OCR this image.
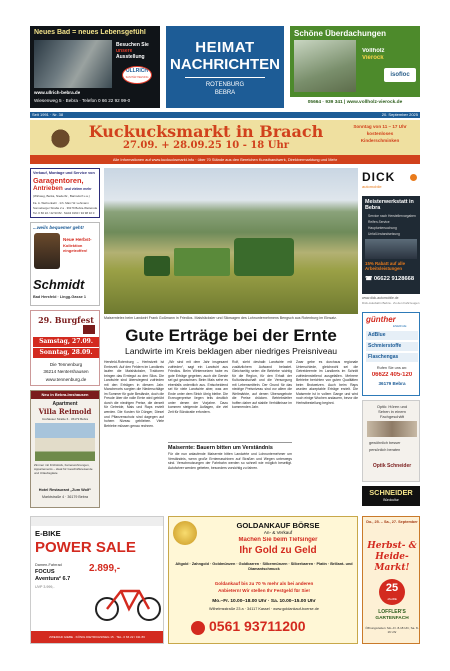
Neues Bad = neues Lebensgefühl
Besuchen Sie
unsere
Ausstellung
ULLRICH
SANITÄR HEIZUNG
www.ullrich-bebra.de
Wiesenweg 5 · Bebra · Telefon 0 66 22 92 99-0
HEIMAT
NACHRICHTEN
ROTENBURG
BEBRA
Schöne Überdachungen
Vollholz
Vierock
isofloc
05664 · 939 341 | www.vollholz-vierock.de
Seit 1991 · Nr. 38	20. September 2025
Kuckucksmarkt in Braach
27.09. + 28.09.25 10 - 18 Uhr
Sonntag von 11 – 17 Uhr
kostenloses
Kinderschminken
Alle Informationen auf www.kuckucksmarkt.info · über 70 Stände aus den Bereichen Kunsthandwerk, Direktvermarktung und Mehr
Verkauf, Montage und Service von
Garagentoren,
Antrieben und vielem mehr
(Wirtweg, Berka, Niederbr., Barnsdorf u.a.)
Fa. A. Wehrenkehr · Inh. Marc W. Lehmann
Sonneberger Straße 2 a · 36179 Bebra-Weiterode
Tel. 0 66 22 / 42 93 82 · Mobil 0160 / 94 98 32 0
...weils bequemer geht!
Neue Herbst-
Kollektion eingetroffen!
Schmidt
Bad Hersfeld · Lingg-Gasse 1
29. Burgfest
Samstag, 27.09.
Sonntag, 28.09.
Die Tennenburg
36214 Nentershausen
www.tennenburg.de
Neu in Bebra-Imshausen
Apartment
Villa Reimold
Imshäuser Straße 6 · 36179 Bebra
Zimmer mit Frühstück, Ferienwohnungen, Appartements – ideal für Geschäftsreisende und Urlaubsgäste
Hotel Restaurant „Zum Wolf“
Marktstraße 4 · 36179 Bebra
Maiserntelex beim Landwirt Frank Goßmann in Friedlos. Maishäcksler und Silowagen des Lohnunternehmens Bengsch aus Rotenburg im Einsatz.
Gute Erträge bei der Ernte
Landwirte im Kreis beklagen aber niedriges Preisniveau

Hersfeld-Rotenburg – Herbstzeit ist Erntezeit. Auf den Feldern im Landkreis laufen die Maishäcksler, Traktoren bringen das Erntegut zu den Silos. Die Landwirte sind überwiegend zufrieden mit den Erträgen in diesem Jahr. Mancherorts sorgten die Niederschläge im Sommer für gute Bestände, doch die Freude über die volle Ernte wird getrübt durch die niedrigen Preise, die derzeit für Getreide, Mais und Raps erzielt werden. Die Kosten für Dünger, Diesel und Pflanzenschutz sind dagegen auf hohem Niveau geblieben. Viele Betriebe müssen genau rechnen.

„Wir sind mit dem Jahr insgesamt zufrieden“, sagt ein Landwirt aus Friedlos. Beim Winterweizen habe es gute Erträge gegeben, auch die Gerste sei gut gewachsen. Beim Mais sehe es ebenfalls ordentlich aus. Entscheidend sei für viele Landwirte aber, was am Ende unter dem Strich übrig bleibe. Die Erzeugerpreise liegen teils deutlich unter denen der Vorjahre. Dazu kommen steigende Auflagen, die viel Zeit für Bürokratie erfordern.

Rolf, sieht deshalb Landwirte mit zusätzlichem Aufwand belastet. Gleichzeitig seien die Betriebe wichtig für die Region, für den Erhalt der Kulturlandschaft und die Versorgung mit Lebensmitteln. Der Grund für das niedrige Preisniveau sind vor allem die Weltmärkte, auf denen Überangebote die Preise drücken. Betriebsleiter hoffen daher auf stabile Verhältnisse im kommenden Jahr.

Zwar gebe es durchaus regionale Unterschiede, gleichwohl sei die Getreideernte im Landkreis im Schnitt zufriedenstellend ausgefallen. Mehrere Betriebe berichten von guten Qualitäten beim Brotweizen. Auch beim Raps wurden akzeptable Erträge erzielt. Die Maisernte ist in vollem Gange und wird noch einige Wochen andauern, bevor die Herbstbestellung beginnt.

Maisernte: Bauern bitten um Verständnis

Für die nun anlaufende Maisernte bitten Landwirte und Lohnunternehmer um Verständnis, wenn große Erntemaschinen auf Straßen und Wegen unterwegs sind. Verschmutzungen der Fahrbahn werden so schnell wie möglich beseitigt. Autofahrer werden gebeten, besonders vorsichtig zu fahren.

DICK
automobile
Meisterwerkstatt in Bebra
Service nach Herstellervorgaben
Reifen-Service
Hauptuntersuchung
Unfall-Instandsetzung
15% Rabatt auf alle Arbeitsleistungen
☎ 06622 9128668
www.dick-automobile.de
Dick-Autobahn Bebra · Zu den Fahrzeugen
günther
ENERGIE
AdBlue
Schmierstoffe
Flaschengas
Rufen Sie uns an:
06622 405-120
36179 Bebra
Optik: Hören und
Sehen in einem
Fachgeschäft
gewöhnlich besser
persönlich beraten
Optik Schneider
SCHNEIDER
Bürokultur
E-BIKE
POWER SALE
Damen-Fahrrad
FOCUS
Aventura² 6.7
UVP 3.999,-
2.899,-
ZWEIRAD GIEBE · KÖNIG DIETRICHSWEG 15 · TEL. 0 66 22 / 911 86
GOLDANKAUF BÖRSE
An- & Verkauf
Machen Sie beim Tiefsinger
Ihr Gold zu Geld
Altgold · Zahngold · Goldmünzen · Goldbarren · Silbermünzen · Silberbarren · Platin · Brillant- und Diamantschmuck
Goldankauf bis zu 70 % mehr als bei anderen
Anbietern! Wir stellen Ihr Festgeld für Sie!
Mo.–Fr. 10.00–18.00 Uhr · Sa. 10.00–15.00 Uhr
Wilhelmsstraße 23 a · 34117 Kassel · www.goldankauf-boerse.de
0561 93711200
Do., 25. – Sa., 27. September
Herbst- &
Heide-
Markt!
25
JAHRE
LÖFFLER'S
GARTENFACH
Öffnungszeiten: Mo.-Fr. 8-18 Uhr, Sa. 8-16 Uhr
